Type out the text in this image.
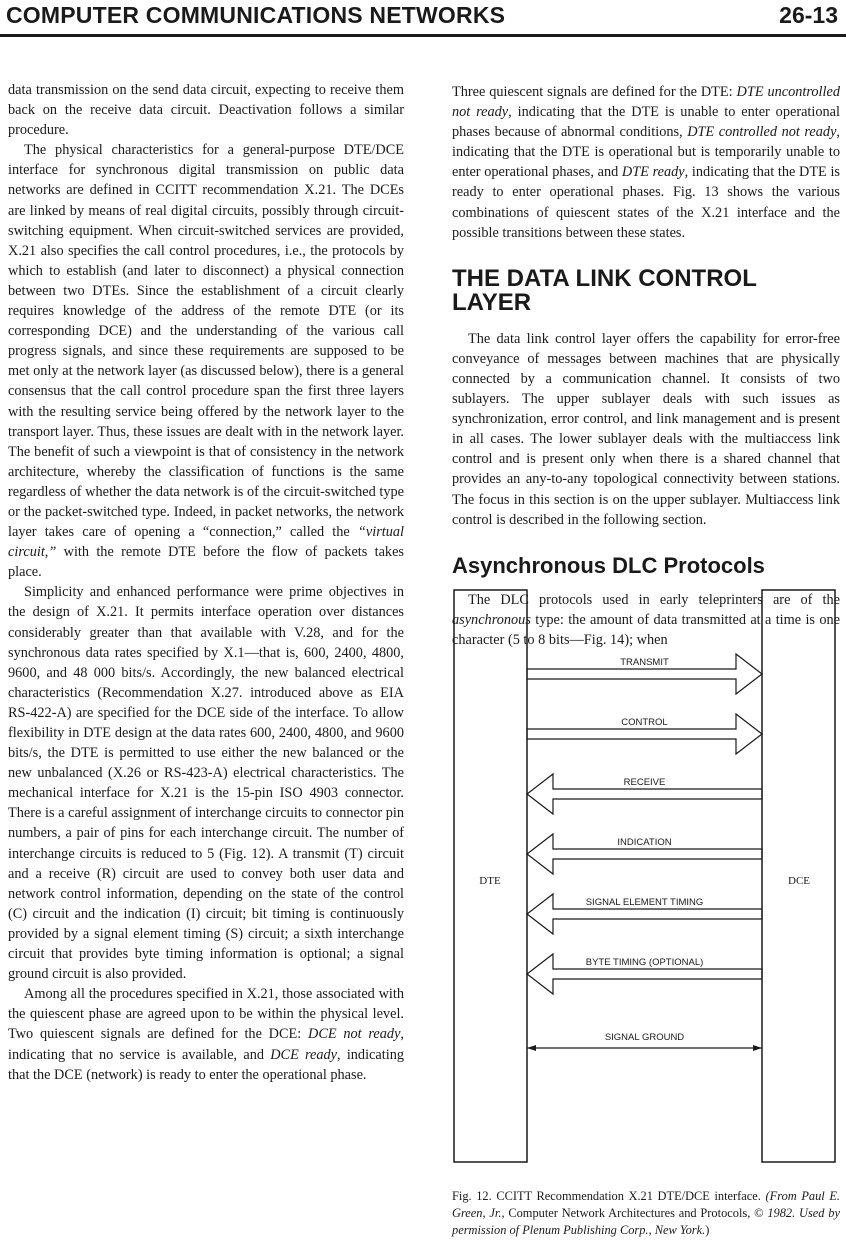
COMPUTER COMMUNICATIONS NETWORKS	26-13

data transmission on the send data circuit, expecting to receive them back on the receive data circuit. Deactivation follows a similar procedure.

The physical characteristics for a general-purpose DTE/DCE interface for synchronous digital transmission on public data networks are defined in CCITT recommendation X.21. The DCEs are linked by means of real digital circuits, possibly through circuit-switching equipment. When circuit-switched services are provided, X.21 also specifies the call control procedures, i.e., the protocols by which to establish (and later to disconnect) a physical connection between two DTEs. Since the establishment of a circuit clearly requires knowledge of the address of the remote DTE (or its corresponding DCE) and the understanding of the various call progress signals, and since these requirements are supposed to be met only at the network layer (as discussed below), there is a general consensus that the call control procedure span the first three layers with the resulting service being offered by the network layer to the transport layer. Thus, these issues are dealt with in the network layer. The benefit of such a viewpoint is that of consistency in the network architecture, whereby the classification of functions is the same regardless of whether the data network is of the circuit-switched type or the packet-switched type. Indeed, in packet networks, the network layer takes care of opening a “connection,” called the “virtual circuit,” with the remote DTE before the flow of packets takes place.

Simplicity and enhanced performance were prime objectives in the design of X.21. It permits interface operation over distances considerably greater than that available with V.28, and for the synchronous data rates specified by X.1—that is, 600, 2400, 4800, 9600, and 48 000 bits/s. Accordingly, the new balanced electrical characteristics (Recommendation X.27. introduced above as EIA RS-422-A) are specified for the DCE side of the interface. To allow flexibility in DTE design at the data rates 600, 2400, 4800, and 9600 bits/s, the DTE is permitted to use either the new balanced or the new unbalanced (X.26 or RS-423-A) electrical characteristics. The mechanical interface for X.21 is the 15-pin ISO 4903 connector. There is a careful assignment of interchange circuits to connector pin numbers, a pair of pins for each interchange circuit. The number of interchange circuits is reduced to 5 (Fig. 12). A transmit (T) circuit and a receive (R) circuit are used to convey both user data and network control information, depending on the state of the control (C) circuit and the indication (I) circuit; bit timing is continuously provided by a signal element timing (S) circuit; a sixth interchange circuit that provides byte timing information is optional; a signal ground circuit is also provided.

Among all the procedures specified in X.21, those associated with the quiescent phase are agreed upon to be within the physical level. Two quiescent signals are defined for the DCE: DCE not ready, indicating that no service is available, and DCE ready, indicating that the DCE (network) is ready to enter the operational phase.

Three quiescent signals are defined for the DTE: DTE uncontrolled not ready, indicating that the DTE is unable to enter operational phases because of abnormal conditions, DTE controlled not ready, indicating that the DTE is operational but is temporarily unable to enter operational phases, and DTE ready, indicating that the DTE is ready to enter operational phases. Fig. 13 shows the various combinations of quiescent states of the X.21 interface and the possible transitions between these states.

THE DATA LINK CONTROL LAYER

The data link control layer offers the capability for error-free conveyance of messages between machines that are physically connected by a communication channel. It consists of two sublayers. The upper sublayer deals with such issues as synchronization, error control, and link management and is present in all cases. The lower sublayer deals with the multiaccess link control and is present only when there is a shared channel that provides an any-to-any topological connectivity between stations. The focus in this section is on the upper sublayer. Multiaccess link control is described in the following section.

Asynchronous DLC Protocols

The DLC protocols used in early teleprinters are of the asynchronous type: the amount of data transmitted at a time is one character (5 to 8 bits—Fig. 14); when

DTE	DCE
TRANSMIT
CONTROL
RECEIVE
INDICATION
SIGNAL ELEMENT TIMING
BYTE TIMING (OPTIONAL)
SIGNAL GROUND
Fig. 12. CCITT Recommendation X.21 DTE/DCE interface. (From Paul E. Green, Jr., Computer Network Architectures and Protocols, © 1982. Used by permission of Plenum Publishing Corp., New York.)
